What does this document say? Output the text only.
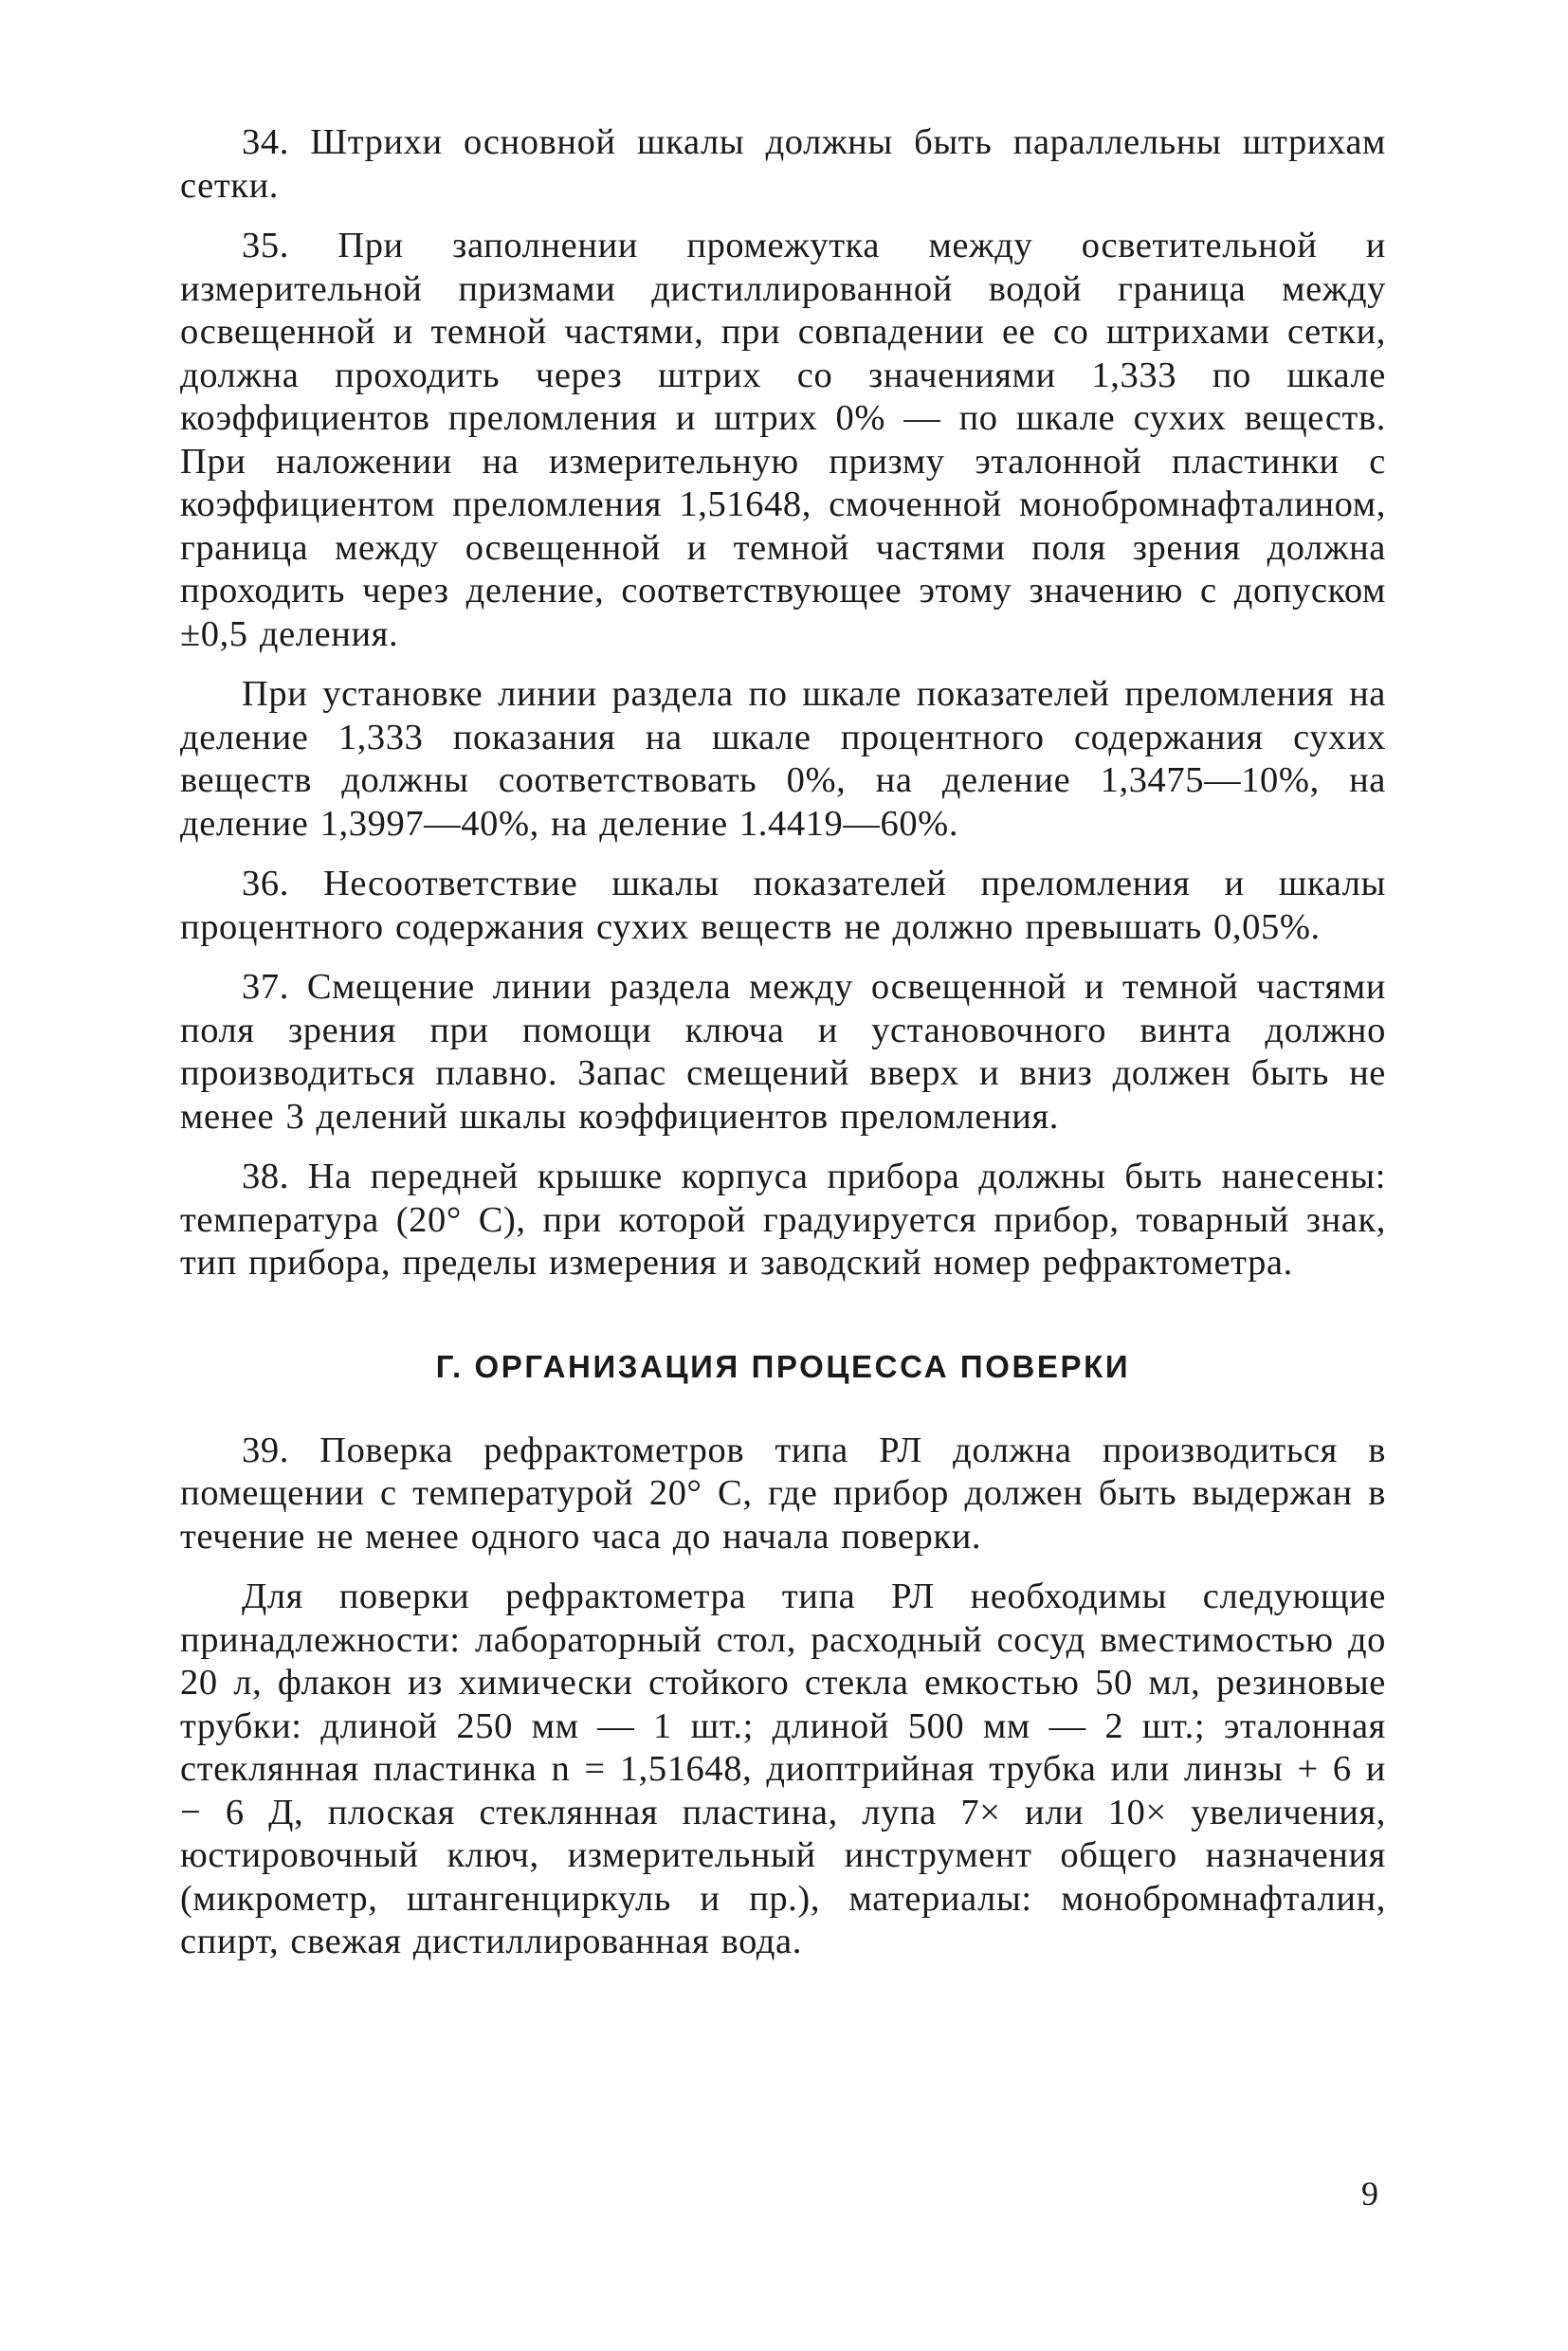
34. Штрихи основной шкалы должны быть параллельны штрихам сетки.

35. При заполнении промежутка между осветительной и измерительной призмами дистиллированной водой граница между освещенной и темной частями, при совпадении ее со штрихами сетки, должна проходить через штрих со значениями 1,333 по шкале коэффициентов преломления и штрих 0% — по шкале сухих веществ. При наложении на измерительную призму эталонной пластинки с коэффициентом преломления 1,51648, смоченной монобромнафталином, граница между освещенной и темной частями поля зрения должна проходить через деление, соответствующее этому значению с допуском ±0,5 деления.

При установке линии раздела по шкале показателей преломления на деление 1,333 показания на шкале процентного содержания сухих веществ должны соответствовать 0%, на деление 1,3475—10%, на деление 1,3997—40%, на деление 1.4419—60%.

36. Несоответствие шкалы показателей преломления и шкалы процентного содержания сухих веществ не должно превышать 0,05%.

37. Смещение линии раздела между освещенной и темной частями поля зрения при помощи ключа и установочного винта должно производиться плавно. Запас смещений вверх и вниз должен быть не менее 3 делений шкалы коэффициентов преломления.

38. На передней крышке корпуса прибора должны быть нанесены: температура (20° С), при которой градуируется прибор, товарный знак, тип прибора, пределы измерения и заводский номер рефрактометра.

Г. ОРГАНИЗАЦИЯ ПРОЦЕССА ПОВЕРКИ

39. Поверка рефрактометров типа РЛ должна производиться в помещении с температурой 20° С, где прибор должен быть выдержан в течение не менее одного часа до начала поверки.

Для поверки рефрактометра типа РЛ необходимы следующие принадлежности: лабораторный стол, расходный сосуд вместимостью до 20 л, флакон из химически стойкого стекла емкостью 50 мл, резиновые трубки: длиной 250 мм — 1 шт.; длиной 500 мм — 2 шт.; эталонная стеклянная пластинка n = 1,51648, диоптрийная трубка или линзы + 6 и − 6 Д, плоская стеклянная пластина, лупа 7× или 10× увеличения, юстировочный ключ, измерительный инструмент общего назначения (микрометр, штангенциркуль и пр.), материалы: монобромнафталин, спирт, свежая дистиллированная вода.

9
